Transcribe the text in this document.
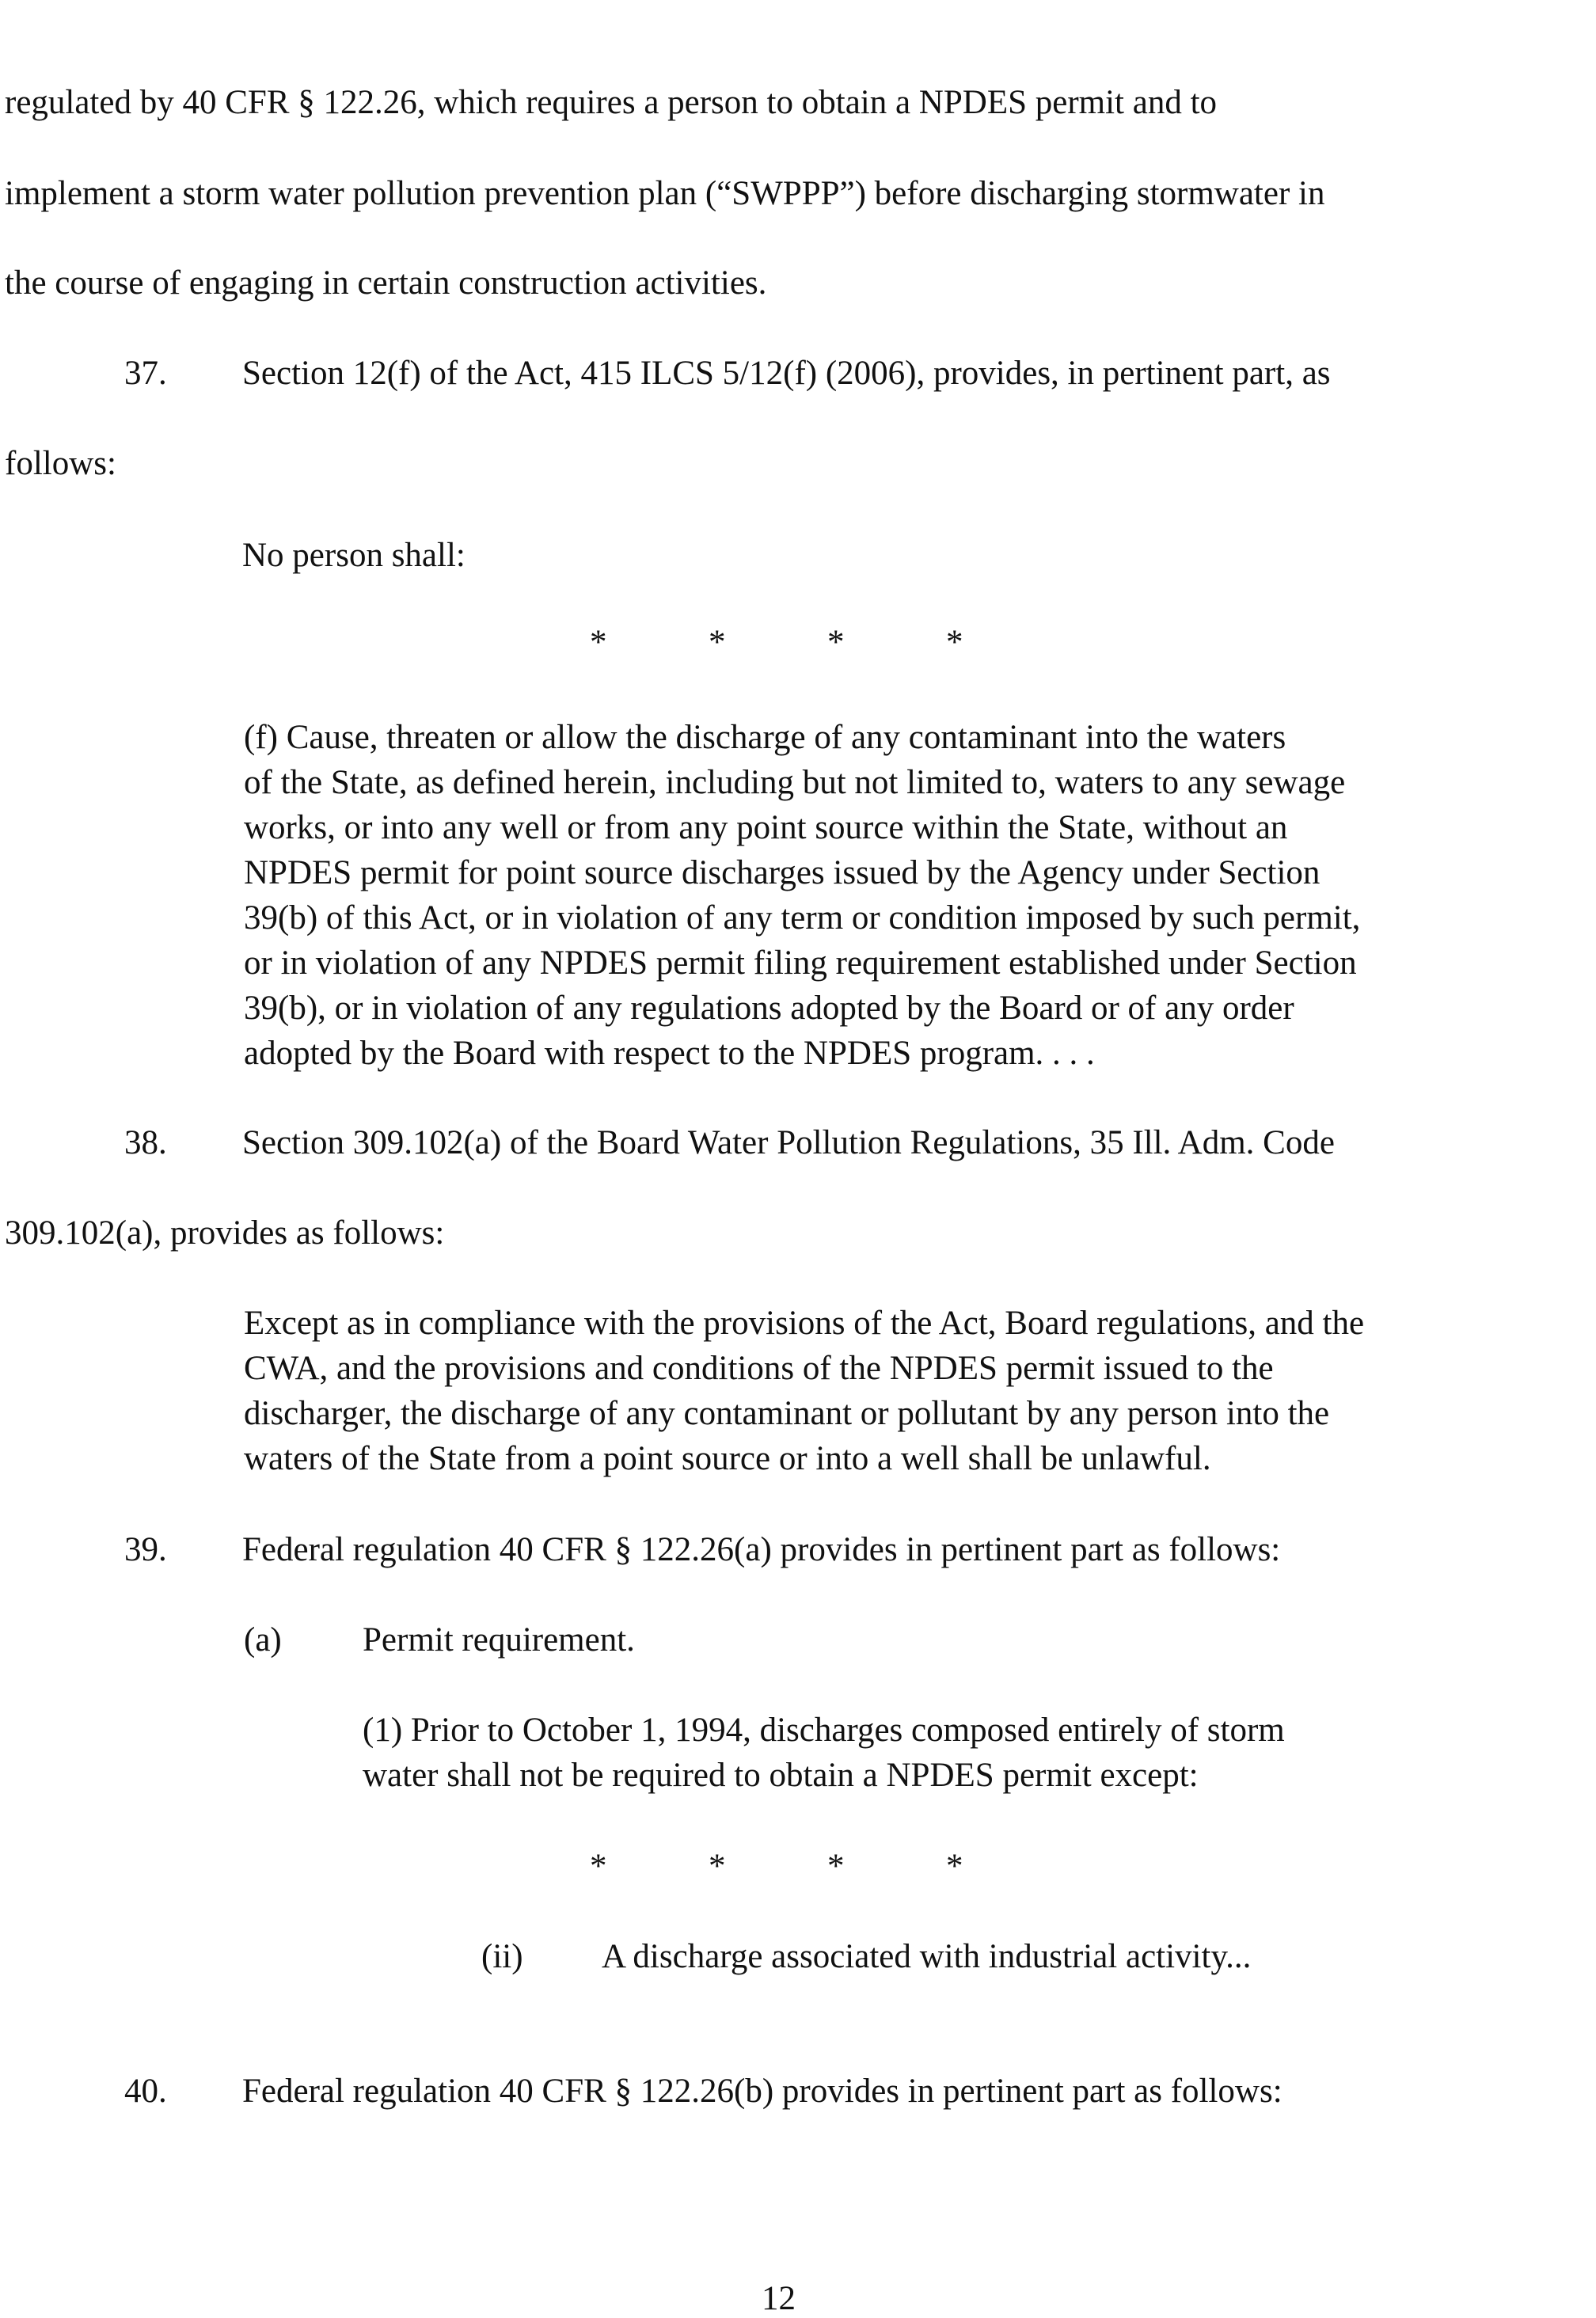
regulated by 40 CFR § 122.26, which requires a person to obtain a NPDES permit and to
implement a storm water pollution prevention plan (“SWPPP”) before discharging stormwater in
the course of engaging in certain construction activities.
37. Section 12(f) of the Act, 415 ILCS 5/12(f) (2006), provides, in pertinent part, as
follows:
No person shall:
*	*	*	*
(f) Cause, threaten or allow the discharge of any contaminant into the waters
of the State, as defined herein, including but not limited to, waters to any sewage
works, or into any well or from any point source within the State, without an
NPDES permit for point source discharges issued by the Agency under Section
39(b) of this Act, or in violation of any term or condition imposed by such permit,
or in violation of any NPDES permit filing requirement established under Section
39(b), or in violation of any regulations adopted by the Board or of any order
adopted by the Board with respect to the NPDES program. . . .
38. Section 309.102(a) of the Board Water Pollution Regulations, 35 Ill. Adm. Code
309.102(a), provides as follows:
Except as in compliance with the provisions of the Act, Board regulations, and the
CWA, and the provisions and conditions of the NPDES permit issued to the
discharger, the discharge of any contaminant or pollutant by any person into the
waters of the State from a point source or into a well shall be unlawful.
39. Federal regulation 40 CFR § 122.26(a) provides in pertinent part as follows:
(a) Permit requirement.
(1) Prior to October 1, 1994, discharges composed entirely of storm
water shall not be required to obtain a NPDES permit except:
*	*	*	*
(ii) A discharge associated with industrial activity...
40. Federal regulation 40 CFR § 122.26(b) provides in pertinent part as follows:
12
